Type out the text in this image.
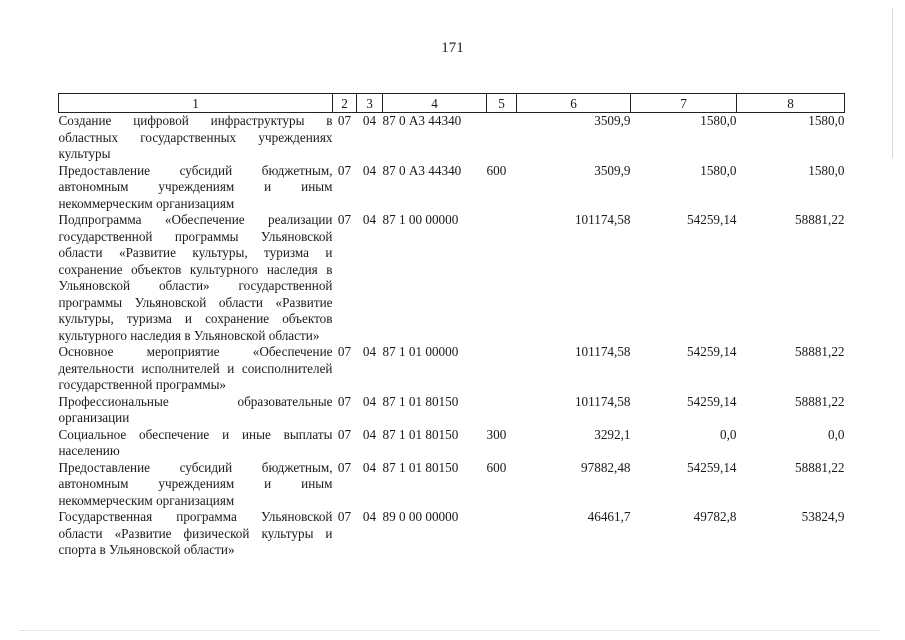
171
1	2	3	4	5	6	7	8
Создание цифровой инфраструктуры в областных государственных учреждениях культуры	07	04	87 0 А3 44340		3509,9	1580,0	1580,0
Предоставление субсидий бюджетным, автономным учреждениям и иным некоммерческим организациям	07	04	87 0 А3 44340	600	3509,9	1580,0	1580,0
Подпрограмма «Обеспечение реализации государственной программы Ульяновской области «Развитие культуры, туризма и сохранение объектов культурного наследия в Ульяновской области» государственной программы Ульяновской области «Развитие культуры, туризма и сохранение объектов культурного наследия в Ульяновской области»	07	04	87 1 00 00000		101174,58	54259,14	58881,22
Основное мероприятие «Обеспечение деятельности исполнителей и соисполнителей государственной программы»	07	04	87 1 01 00000		101174,58	54259,14	58881,22
Профессиональные образовательные организации	07	04	87 1 01 80150		101174,58	54259,14	58881,22
Социальное обеспечение и иные выплаты населению	07	04	87 1 01 80150	300	3292,1	0,0	0,0
Предоставление субсидий бюджетным, автономным учреждениям и иным некоммерческим организациям	07	04	87 1 01 80150	600	97882,48	54259,14	58881,22
Государственная программа Ульяновской области «Развитие физической культуры и спорта в Ульяновской области»	07	04	89 0 00 00000		46461,7	49782,8	53824,9
